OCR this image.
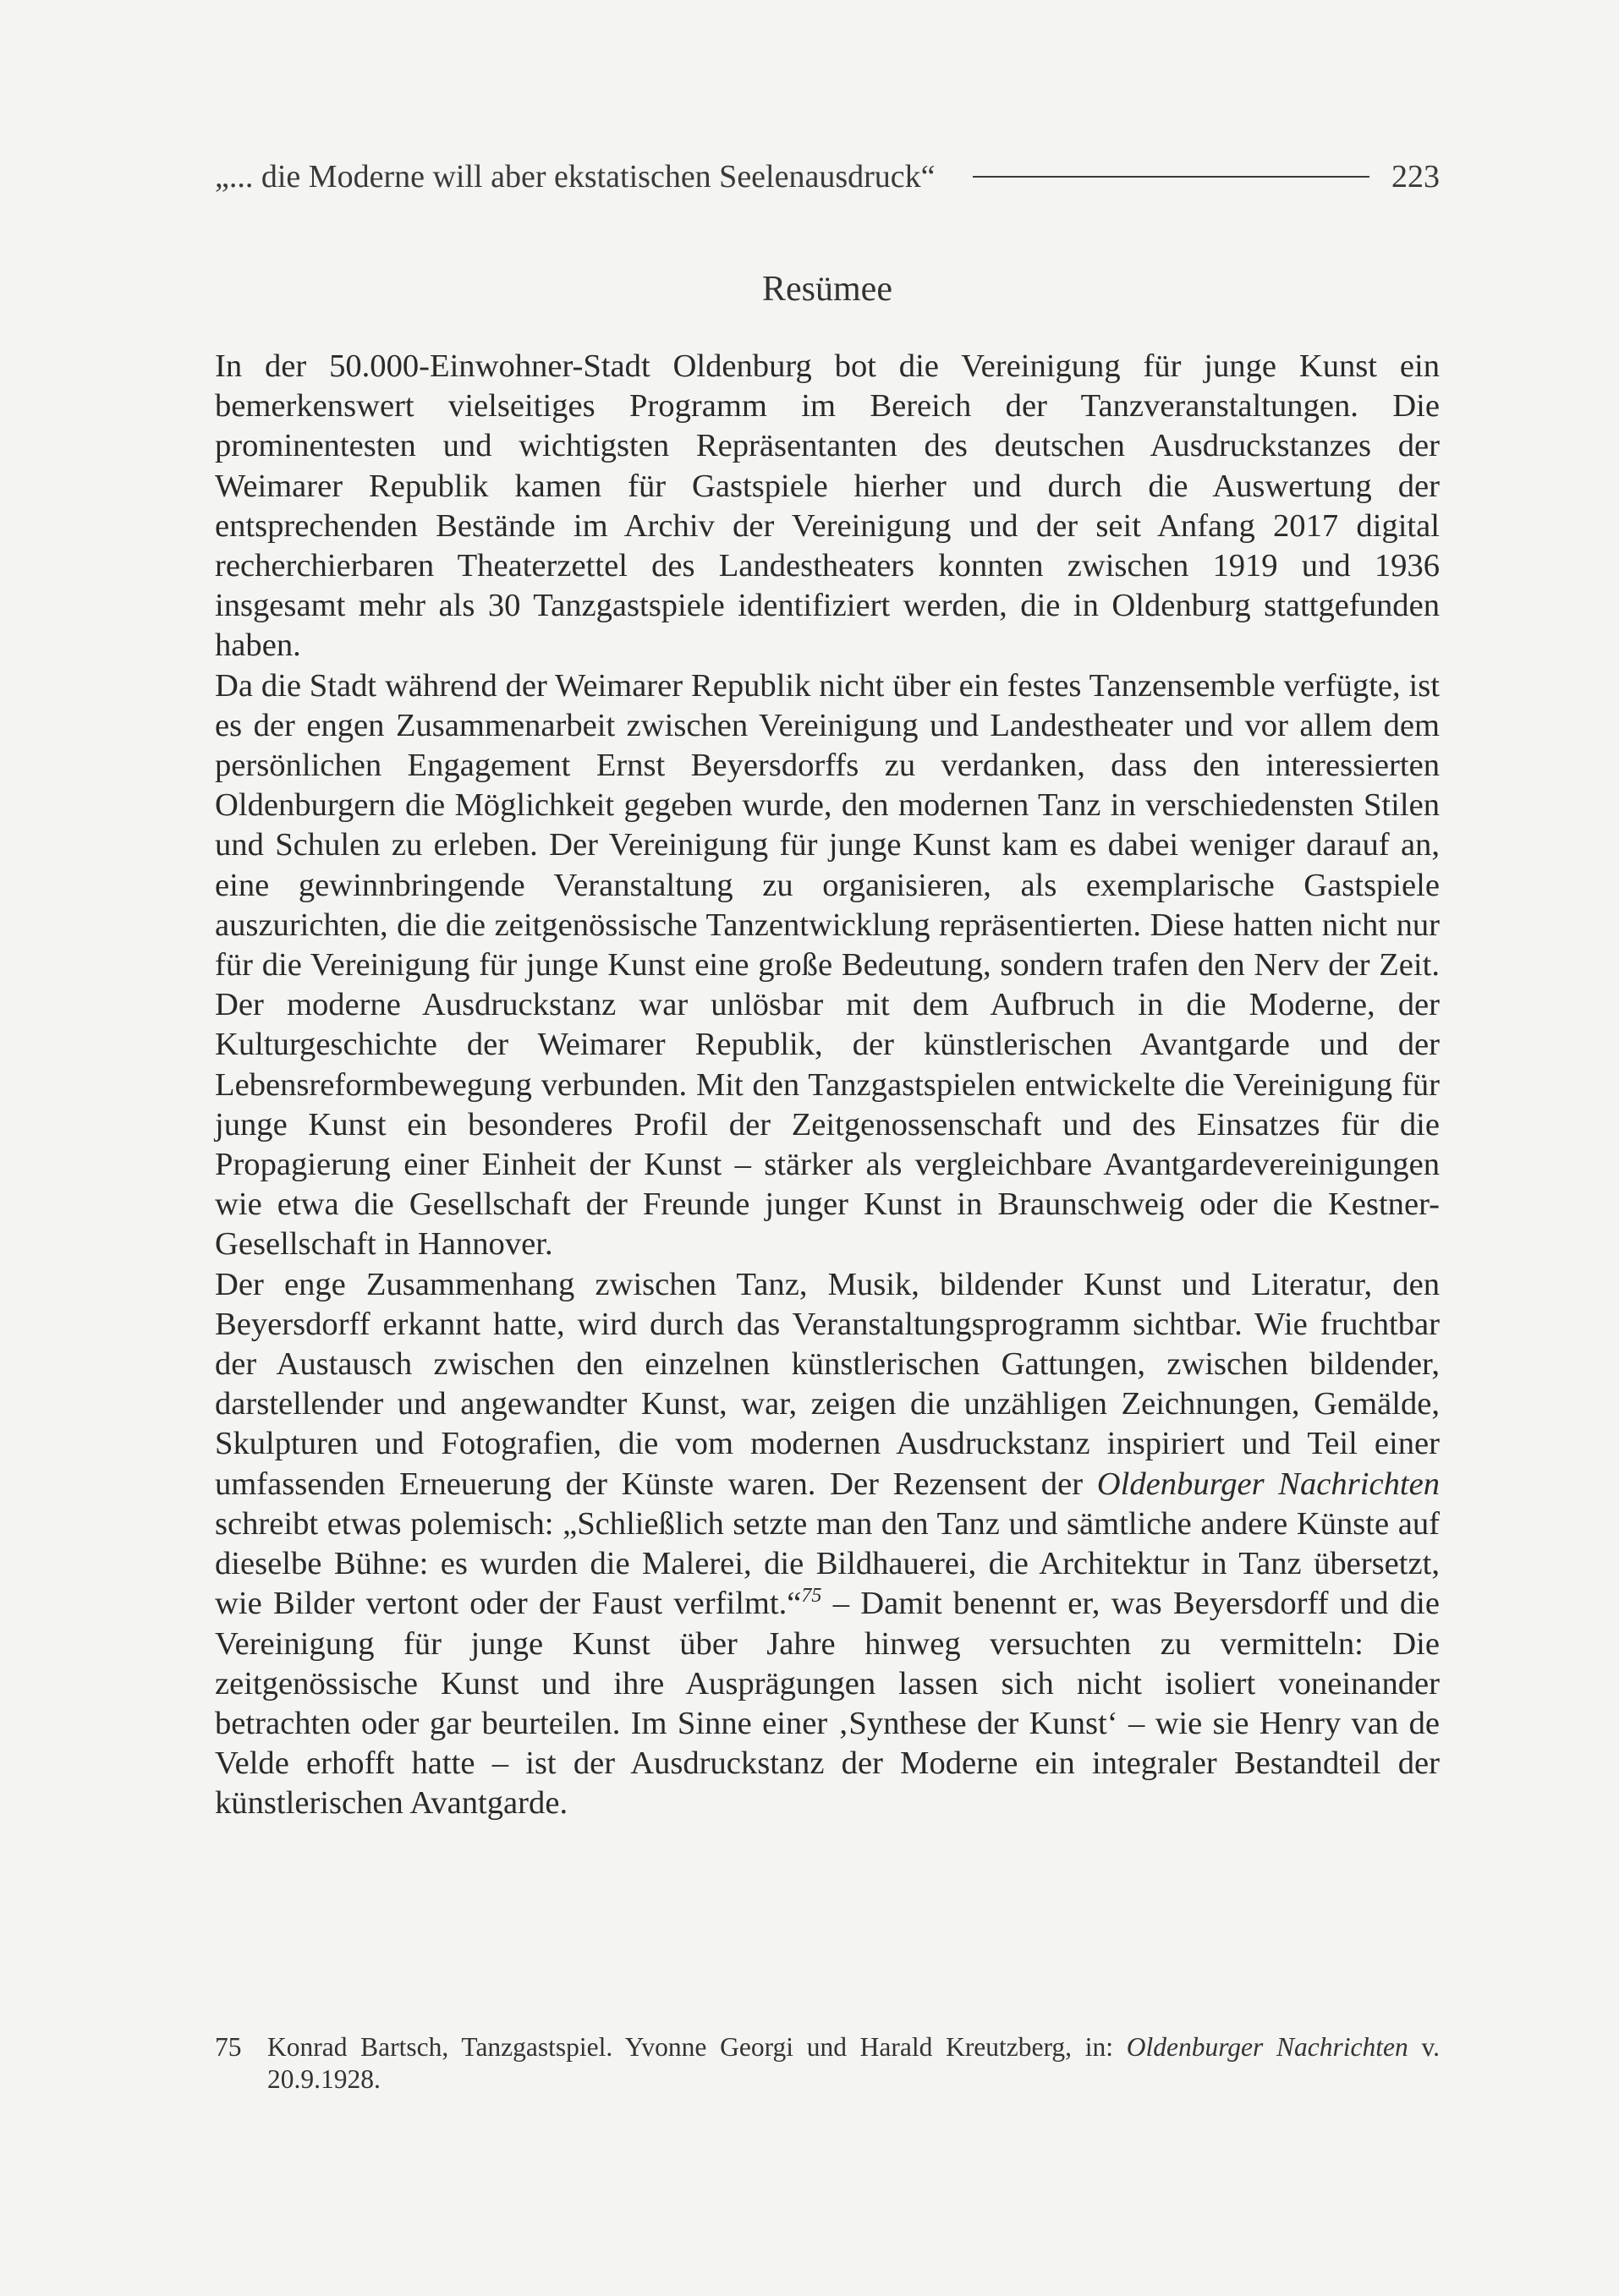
„... die Moderne will aber ekstatischen Seelenausdruck“	223
Resümee

In der 50.000-Einwohner-Stadt Oldenburg bot die Vereinigung für junge Kunst ein bemerkenswert vielseitiges Programm im Bereich der Tanzveranstaltungen. Die prominentesten und wichtigsten Repräsentanten des deutschen Ausdruckstanzes der Weimarer Republik kamen für Gastspiele hierher und durch die Auswertung der entsprechenden Bestände im Archiv der Vereinigung und der seit Anfang 2017 digital recherchierbaren Theaterzettel des Landestheaters konnten zwischen 1919 und 1936 insgesamt mehr als 30 Tanzgastspiele identifiziert werden, die in Oldenburg stattgefunden haben.

Da die Stadt während der Weimarer Republik nicht über ein festes Tanzensemble verfügte, ist es der engen Zusammenarbeit zwischen Vereinigung und Landestheater und vor allem dem persönlichen Engagement Ernst Beyersdorffs zu verdanken, dass den interessierten Oldenburgern die Möglichkeit gegeben wurde, den modernen Tanz in verschiedensten Stilen und Schulen zu erleben. Der Vereinigung für junge Kunst kam es dabei weniger darauf an, eine gewinnbringende Veranstaltung zu organisieren, als exemplarische Gastspiele auszurichten, die die zeitgenössische Tanzentwicklung repräsentierten. Diese hatten nicht nur für die Vereinigung für junge Kunst eine große Bedeutung, sondern trafen den Nerv der Zeit. Der moderne Ausdruckstanz war unlösbar mit dem Aufbruch in die Moderne, der Kulturgeschichte der Weimarer Republik, der künstlerischen Avantgarde und der Lebensreformbewegung verbunden. Mit den Tanzgastspielen entwickelte die Vereinigung für junge Kunst ein besonderes Profil der Zeitgenossenschaft und des Einsatzes für die Propagierung einer Einheit der Kunst – stärker als vergleichbare Avantgardevereinigungen wie etwa die Gesellschaft der Freunde junger Kunst in Braunschweig oder die Kestner-Gesellschaft in Hannover.

Der enge Zusammenhang zwischen Tanz, Musik, bildender Kunst und Literatur, den Beyersdorff erkannt hatte, wird durch das Veranstaltungsprogramm sichtbar. Wie fruchtbar der Austausch zwischen den einzelnen künstlerischen Gattungen, zwischen bildender, darstellender und angewandter Kunst, war, zeigen die unzähligen Zeichnungen, Gemälde, Skulpturen und Fotografien, die vom modernen Ausdruckstanz inspiriert und Teil einer umfassenden Erneuerung der Künste waren. Der Rezensent der Oldenburger Nachrichten schreibt etwas polemisch: „Schließlich setzte man den Tanz und sämtliche andere Künste auf dieselbe Bühne: es wurden die Malerei, die Bildhauerei, die Architektur in Tanz übersetzt, wie Bilder vertont oder der Faust verfilmt.“$^{75}$ – Damit benennt er, was Beyersdorff und die Vereinigung für junge Kunst über Jahre hinweg versuchten zu vermitteln: Die zeitgenössische Kunst und ihre Ausprägungen lassen sich nicht isoliert voneinander betrachten oder gar beurteilen. Im Sinne einer ‚Synthese der Kunst‘ – wie sie Henry van de Velde erhofft hatte – ist der Ausdruckstanz der Moderne ein integraler Bestandteil der künstlerischen Avantgarde.

75 Konrad Bartsch, Tanzgastspiel. Yvonne Georgi und Harald Kreutzberg, in: Oldenburger Nachrichten v. 20.9.1928.
